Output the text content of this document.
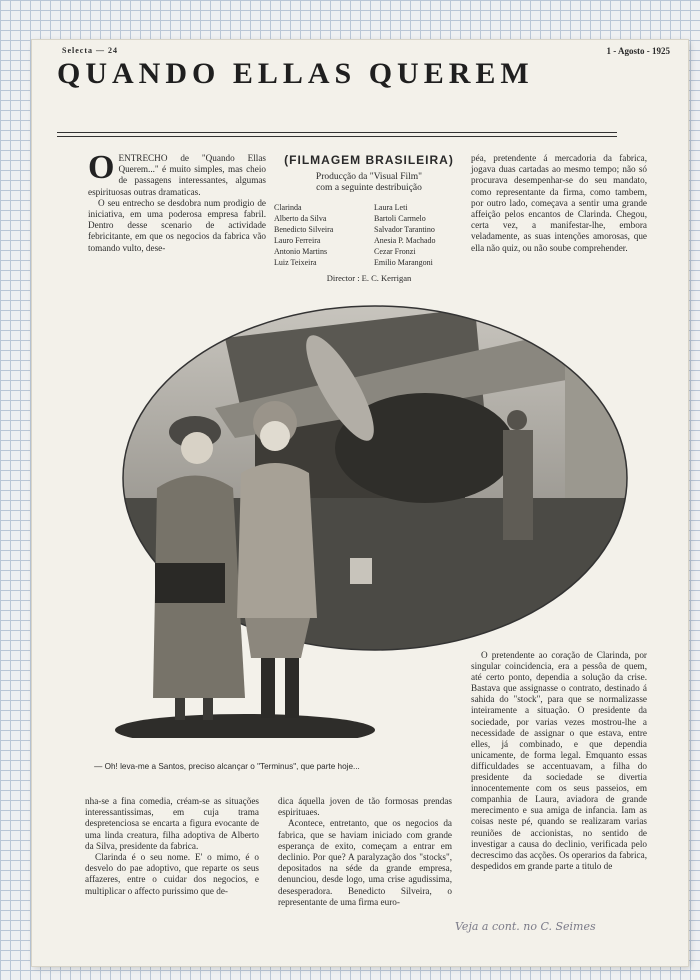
Selecta — 24	1 - Agosto - 1925
QUANDO ELLAS QUEREM
O ENTRECHO de "Quando Ellas Querem..." é muito simples, mas cheio de passagens interessantes, algumas espirituosas outras dramaticas.

O seu entrecho se desdobra num prodigio de iniciativa, em uma poderosa empresa fabril. Dentro desse scenario de actividade febricitante, em que os negocios da fabrica vão tomando vulto, dese-

(FILMAGEM BRASILEIRA)
Producção da "Visual Film"
com a seguinte destribuição
Clarinda	Laura Leti
Alberto da Silva	Bartoli Carmelo
Benedicto Silveira	Salvador Tarantino
Lauro Ferreira	Anesia P. Machado
Antonio Martins	Cezar Fronzi
Luiz Teixeira	Emilio Marangoni
Director : E. C. Kerrigan

péa, pretendente á mercadoria da fabrica, jogava duas cartadas ao mesmo tempo; não só procurava desempenhar-se do seu mandato, como representante da firma, como tambem, por outro lado, começava a sentir uma grande affeição pelos encantos de Clarinda. Chegou, certa vez, a manifestar-lhe, embora veladamente, as suas intenções amorosas, que ella não quiz, ou não soube comprehender.

— Oh! leva-me a Santos, preciso alcançar o "Terminus", que parte hoje...

O pretendente ao coração de Clarinda, por singular coincidencia, era a pessôa de quem, até certo ponto, dependia a solução da crise. Bastava que assignasse o contrato, destinado á sahida do "stock", para que se normalizasse inteiramente a situação. O presidente da sociedade, por varias vezes mostrou-lhe a necessidade de assignar o que estava, entre elles, já combinado, e que dependia unicamente, de forma legal. Emquanto essas difficuldades se accentuavam, a filha do presidente da sociedade se divertia innocentemente com os seus passeios, em companhia de Laura, aviadora de grande merecimento e sua amiga de infancia. Iam as coisas neste pé, quando se realizaram varias reuniões de accionistas, no sentido de investigar a causa do declinio, verificada pelo decrescimo das acções. Os operarios da fabrica, despedidos em grande parte a titulo de

nha-se a fina comedia, créam-se as situações interessantissimas, em cuja trama despretenciosa se encarta a figura evocante de uma linda creatura, filha adoptiva de Alberto da Silva, presidente da fabrica.

Clarinda é o seu nome. E' o mimo, é o desvelo do pae adoptivo, que reparte os seus affazeres, entre o cuidar dos negocios, e multiplicar o affecto purissimo que de-

dica áquella joven de tão formosas prendas espirituaes.

Acontece, entretanto, que os negocios da fabrica, que se haviam iniciado com grande esperança de exito, começam a entrar em declinio. Por que? A paralyzação dos "stocks", depositados na séde da grande empresa, denunciou, desde logo, uma crise agudissima, desesperadora. Benedicto Silveira, o representante de uma firma euro-

Veja a cont. no C. Seimes
